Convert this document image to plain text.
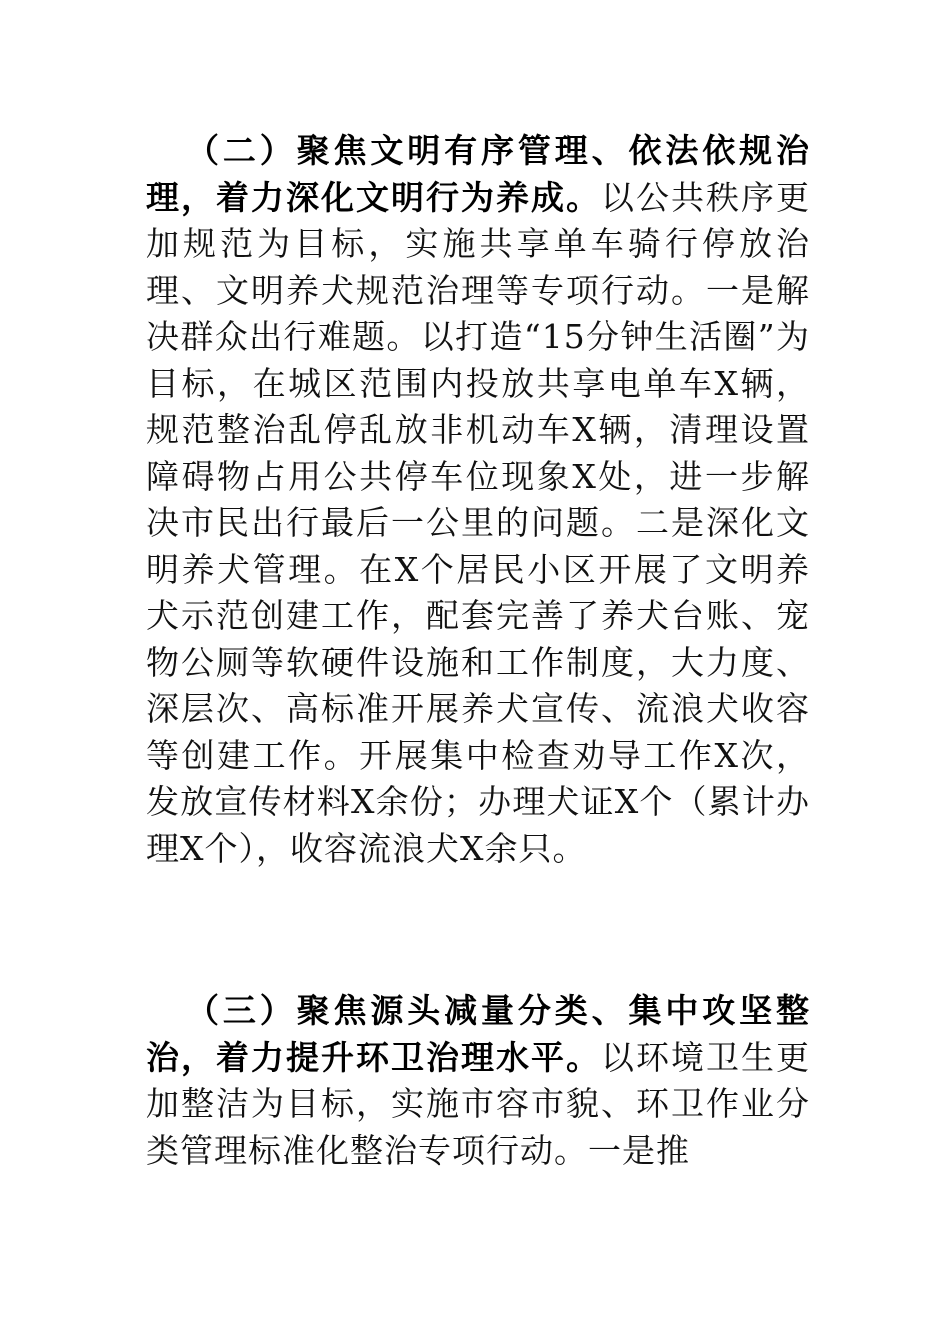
（二）聚焦文明有序管理、依法依规治理，着力深化文明行为养成。以公共秩序更加规范为目标，实施共享单车骑行停放治理、文明养犬规范治理等专项行动。一是解决群众出行难题。以打造“15分钟生活圈”为目标，在城区范围内投放共享电单车X辆，规范整治乱停乱放非机动车X辆，清理设置障碍物占用公共停车位现象X处，进一步解决市民出行最后一公里的问题。二是深化文明养犬管理。在X个居民小区开展了文明养犬示范创建工作，配套完善了养犬台账、宠物公厕等软硬件设施和工作制度，大力度、深层次、高标准开展养犬宣传、流浪犬收容等创建工作。开展集中检查劝导工作X次，发放宣传材料X余份；办理犬证X个（累计办理X个），收容流浪犬X余只。

（三）聚焦源头减量分类、集中攻坚整治，着力提升环卫治理水平。以环境卫生更加整洁为目标，实施市容市貌、环卫作业分类管理标准化整治专项行动。一是推
